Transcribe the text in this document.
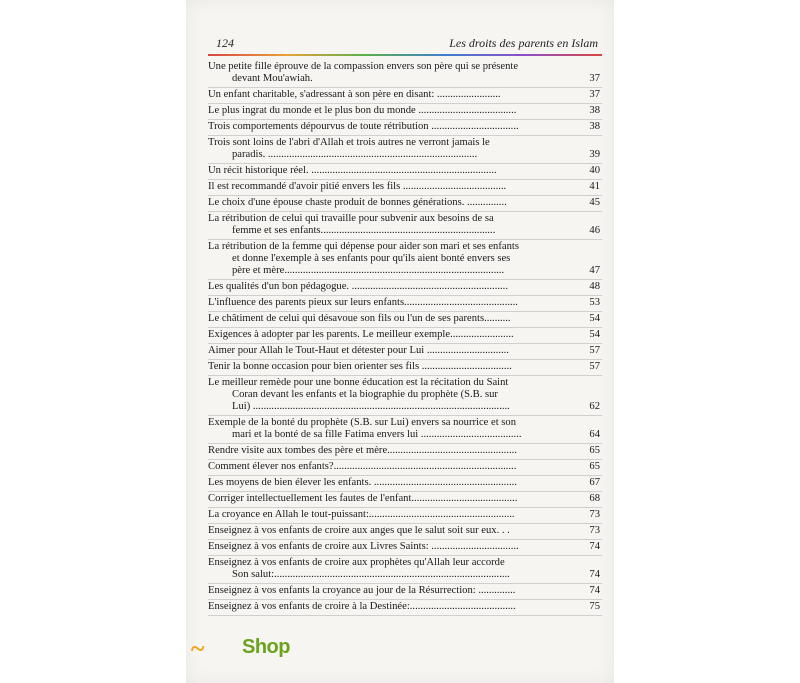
124	Les droits des parents en Islam
Une petite fille éprouve de la compassion envers son père qui se présente
devant Mou'awiah.	37
Un enfant charitable, s'adressant à son père en disant: ........................	37
Le plus ingrat du monde et le plus bon du monde .....................................	38
Trois comportements dépourvus de toute rétribution .................................	38
Trois sont loins de l'abri d'Allah et trois autres ne verront jamais le
paradis. ...............................................................................	39
Un récit historique réel. ......................................................................	40
Il est recommandé d'avoir pitié envers les fils .......................................	41
Le choix d'une épouse chaste produit de bonnes générations. ...............	45
La rétribution de celui qui travaille pour subvenir aux besoins de sa
femme et ses enfants..................................................................	46
La rétribution de la femme qui dépense pour aider son mari et ses enfants
et donne l'exemple à ses enfants pour qu'ils aient bonté envers ses
père et mère...................................................................................	47
Les qualités d'un bon pédagogue. ...........................................................	48
L'influence des parents pieux sur leurs enfants...........................................	53
Le châtiment de celui qui désavoue son fils ou l'un de ses parents..........	54
Exigences à adopter par les parents. Le meilleur exemple........................	54
Aimer pour Allah le Tout-Haut et détester pour Lui ...............................	57
Tenir la bonne occasion pour bien orienter ses fils ..................................	57
Le meilleur remède pour une bonne éducation est la récitation du Saint
Coran devant les enfants et la biographie du prophète (S.B. sur
Lui) .................................................................................................	62
Exemple de la bonté du prophète (S.B. sur Lui) envers sa nourrice et son
mari et la bonté de sa fille Fatima envers lui ......................................	64
Rendre visite aux tombes des père et mère.................................................	65
Comment élever nos enfants?.....................................................................	65
Les moyens de bien élever les enfants. ......................................................	67
Corriger intellectuellement les fautes de l'enfant........................................	68
La croyance en Allah le tout-puissant:.......................................................	73
Enseignez à vos enfants de croire aux anges que le salut soit sur eux. . .	73
Enseignez à vos enfants de croire aux Livres Saints: .................................	74
Enseignez à vos enfants de croire aux prophètes qu'Allah leur accorde
Son salut:.........................................................................................	74
Enseignez à vos enfants la croyance au jour de la Résurrection: ..............	74
Enseignez à vos enfants de croire à la Destinée:........................................	75
~ Shop
